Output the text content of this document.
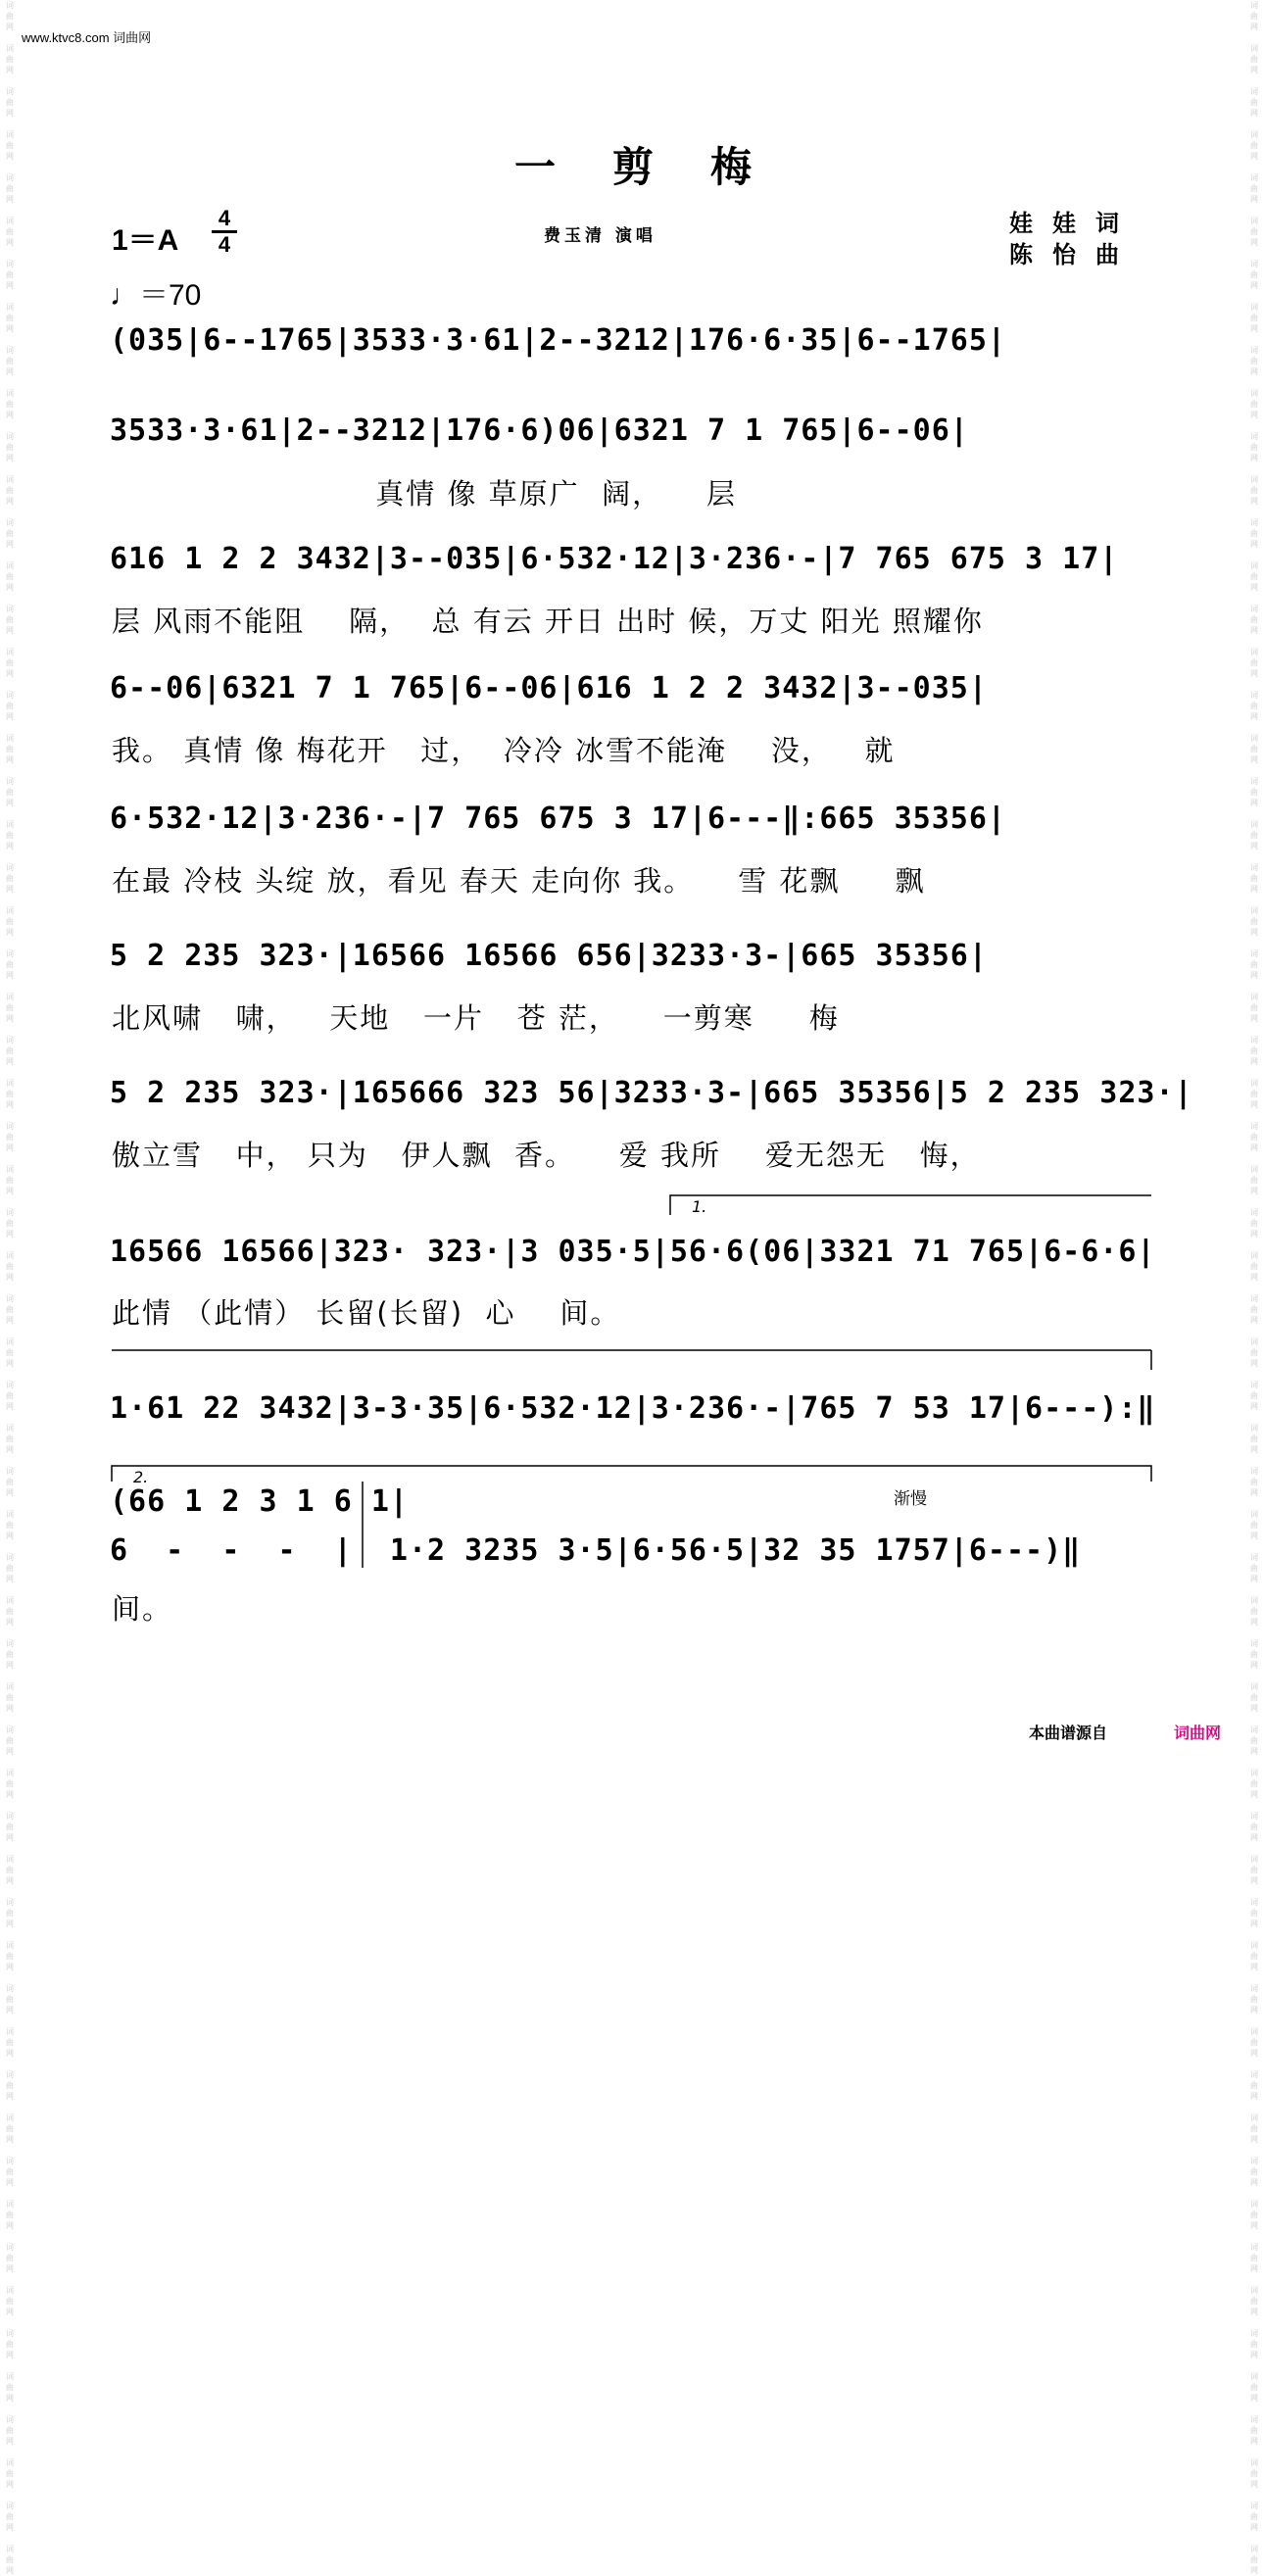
词
曲
网

词
曲
网

词
曲
网

词
曲
网

词
曲
网

词
曲
网

词
曲
网

词
曲
网

词
曲
网

词
曲
网

词
曲
网

词
曲
网

词
曲
网

词
曲
网

词
曲
网

词
曲
网

词
曲
网

词
曲
网

词
曲
网

词
曲
网

词
曲
网

词
曲
网

词
曲
网

词
曲
网

词
曲
网

词
曲
网

词
曲
网

词
曲
网

词
曲
网

词
曲
网

词
曲
网

词
曲
网

词
曲
网

词
曲
网

词
曲
网

词
曲
网

词
曲
网

词
曲
网

词
曲
网

词
曲
网

词
曲
网

词
曲
网

词
曲
网

词
曲
网

词
曲
网

词
曲
网

词
曲
网

词
曲
网

词
曲
网

词
曲
网

词
曲
网

词
曲
网

词
曲
网

词
曲
网

词
曲
网

词
曲
网

词
曲
网

词
曲
网

词
曲
网

词
曲
网

词
曲
网

词
曲
网

词
曲
网

词
曲
网

词
曲
网

词
曲
网

词
曲
网

词
曲
网

词
曲
网

词
曲
网

词
曲
网

词
曲
网

词
曲
网

词
曲
网

词
曲
网

词
曲
网

词
曲
网

词
曲
网

词
曲
网

词
曲
网

词
曲
网

词
曲
网

词
曲
网

词
曲
网

词
曲
网

词
曲
网

词
曲
网

词
曲
网

词
曲
网

词
曲
网

词
曲
网

词
曲
网

词
曲
网

词
曲
网

词
曲
网

词
曲
网

词
曲
网

词
曲
网

词
曲
网

词
曲
网

词
曲
网

词
曲
网

词
曲
网

词
曲
网

词
曲
网

词
曲
网

词
曲
网

词
曲
网

词
曲
网

词
曲
网

词
曲
网

词
曲
网

词
曲
网

词
曲
网

词
曲
网

词
曲
网

词
曲
网

词
曲
网

词
曲
网

词
曲
网

www.ktvc8.com 词曲网
一剪梅
1＝A
4
4
♩＝70
费玉清 演唱	娃娃词
陈怡曲
(035|6--1765|3533·3·61|2--3212|176·6·35|6--1765|
3533·3·61|2--3212|176·6)06|6321 7 1 765|6--06|
真情 像 草原广  阔，    层
616 1 2 2 3432|3--035|6·532·12|3·236·-|7 765 675 3 17|
层 风雨不能阻    隔，  总 有云 开日 出时 候，万丈 阳光 照耀你
6--06|6321 7 1 765|6--06|616 1 2 2 3432|3--035|
我。 真情 像 梅花开   过，  冷冷 冰雪不能淹    没，   就
6·532·12|3·236·-|7 765 675 3 17|6---‖:665 35356|
在最 冷枝 头绽 放，看见 春天 走向你 我。    雪 花飘     飘
5 2 235 323·|16566 16566 656|3233·3-|665 35356|
北风啸   啸，   天地   一片   苍 茫，    一剪寒     梅
5 2 235 323·|165666 323 56|3233·3-|665 35356|5 2 235 323·|
傲立雪   中， 只为   伊人飘  香。    爱 我所    爱无怨无   悔，
16566 16566|323· 323·|3 035·5|56·6(06|3321 71 765|6-6·6|
此情 （此情） 长留(长留)  心    间。
1·61 22 3432|3-3·35|6·532·12|3·236·-|765 7 53 17|6---):‖
(66 1 2 3 1 6 1|
6  -  -  -  |  1·2 3235 3·5|6·56·5|32 35 1757|6---)‖
间。
1.
2.
渐慢
本曲谱源自	词曲网
